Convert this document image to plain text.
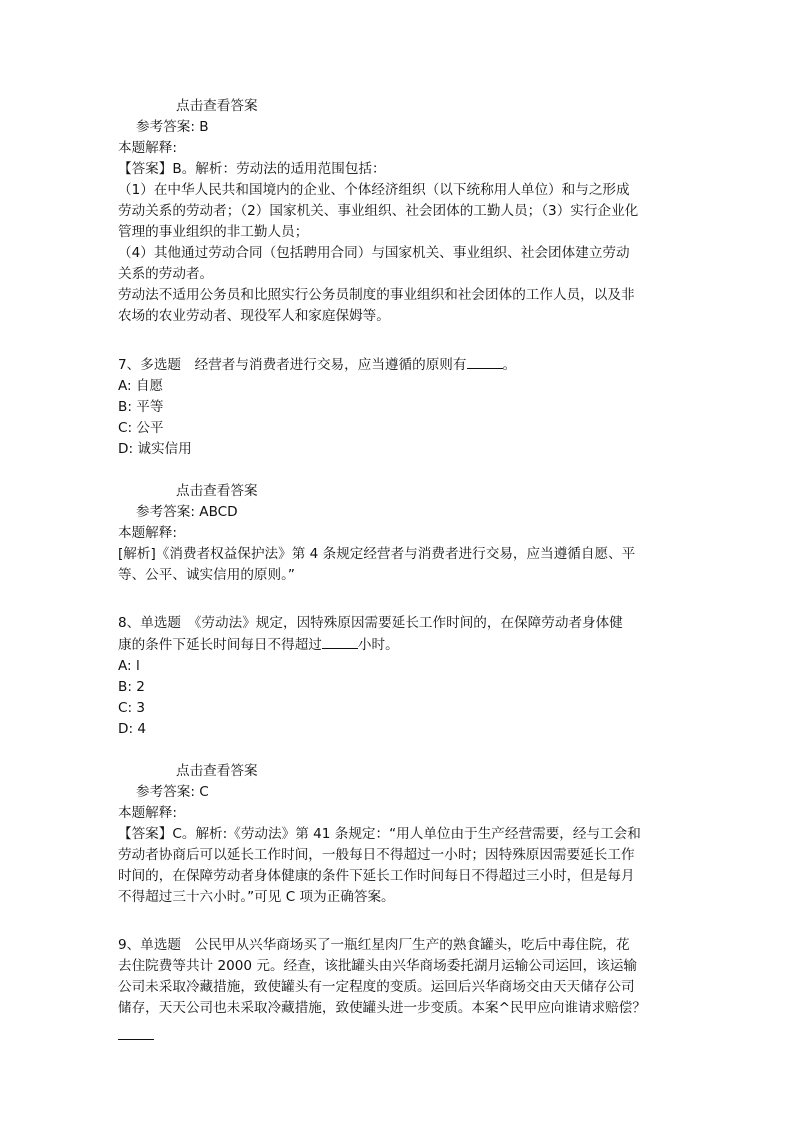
点击查看答案
参考答案: B
本题解释:
【答案】B。解析：劳动法的适用范围包括：
（1）在中华人民共和国境内的企业、个体经济组织（以下统称用人单位）和与之形成
劳动关系的劳动者；（2）国家机关、事业组织、社会团体的工勤人员；（3）实行企业化
管理的事业组织的非工勤人员；
（4）其他通过劳动合同（包括聘用合同）与国家机关、事业组织、社会团体建立劳动
关系的劳动者。
劳动法不适用公务员和比照实行公务员制度的事业组织和社会团体的工作人员，以及非
农场的农业劳动者、现役军人和家庭保姆等。
7、多选题　经营者与消费者进行交易，应当遵循的原则有	。
A: 自愿
B: 平等
C: 公平
D: 诚实信用
点击查看答案
参考答案: ABCD
本题解释:
[解析]《消费者权益保护法》第 4 条规定经营者与消费者进行交易，应当遵循自愿、平
等、公平、诚实信用的原则。”
8、单选题　《劳动法》规定，因特殊原因需要延长工作时间的，在保障劳动者身体健
康的条件下延长时间每日不得超过	小时。
A: l
B: 2
C: 3
D: 4
点击查看答案
参考答案: C
本题解释:
【答案】C。解析:《劳动法》第 41 条规定：“用人单位由于生产经营需要，经与工会和
劳动者协商后可以延长工作时间，一般每日不得超过一小时；因特殊原因需要延长工作
时间的，在保障劳动者身体健康的条件下延长工作时间每日不得超过三小时，但是每月
不得超过三十六小时。”可见 C 项为正确答案。
9、单选题　公民甲从兴华商场买了一瓶红星肉厂生产的熟食罐头，吃后中毒住院，花
去住院费等共计 2000 元。经查，该批罐头由兴华商场委托湖月运输公司运回，该运输
公司未采取冷藏措施，致使罐头有一定程度的变质。运回后兴华商场交由天天储存公司
储存，天天公司也未采取冷藏措施，致使罐头进一步变质。本案^民甲应向谁请求赔偿？
